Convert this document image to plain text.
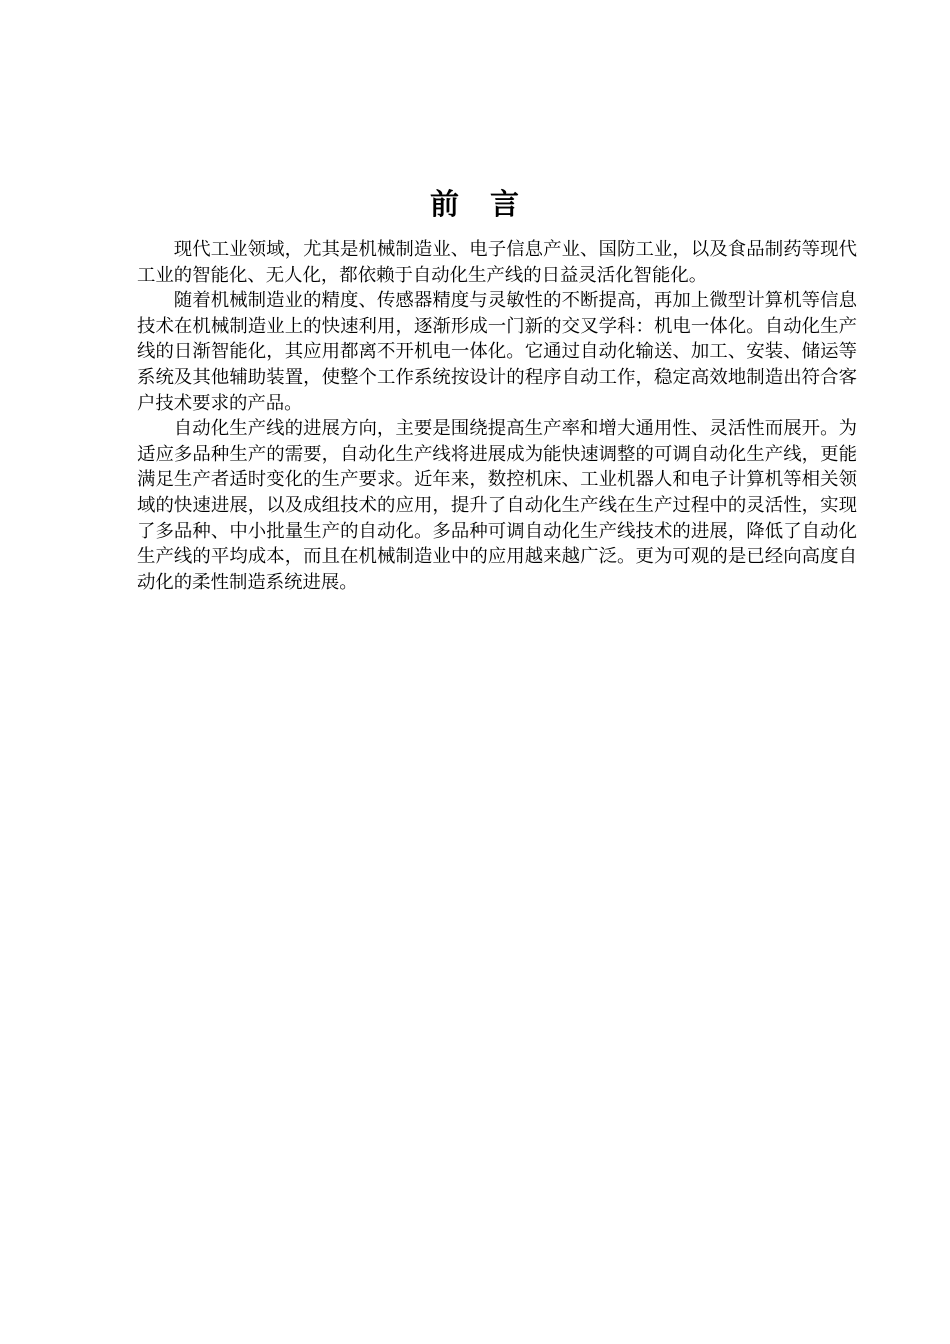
前 言

现代工业领域，尤其是机械制造业、电子信息产业、国防工业，以及食品制药等现代工业的智能化、无人化，都依赖于自动化生产线的日益灵活化智能化。

随着机械制造业的精度、传感器精度与灵敏性的不断提高，再加上微型计算机等信息技术在机械制造业上的快速利用，逐渐形成一门新的交叉学科：机电一体化。自动化生产线的日渐智能化，其应用都离不开机电一体化。它通过自动化输送、加工、安装、储运等系统及其他辅助装置，使整个工作系统按设计的程序自动工作，稳定高效地制造出符合客户技术要求的产品。

自动化生产线的进展方向，主要是围绕提高生产率和增大通用性、灵活性而展开。为适应多品种生产的需要，自动化生产线将进展成为能快速调整的可调自动化生产线，更能满足生产者适时变化的生产要求。近年来，数控机床、工业机器人和电子计算机等相关领域的快速进展，以及成组技术的应用，提升了自动化生产线在生产过程中的灵活性，实现了多品种、中小批量生产的自动化。多品种可调自动化生产线技术的进展，降低了自动化生产线的平均成本，而且在机械制造业中的应用越来越广泛。更为可观的是已经向高度自动化的柔性制造系统进展。
